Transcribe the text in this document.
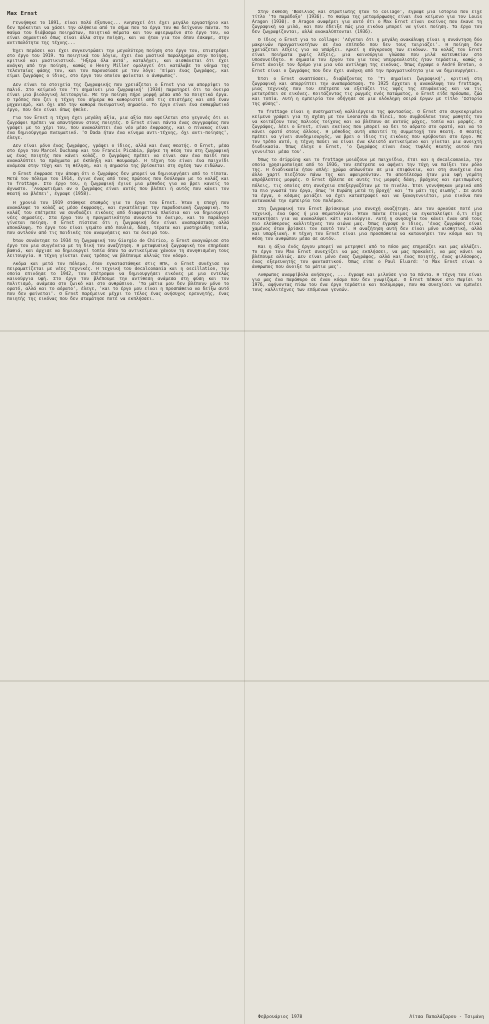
Max Ernst

Γεννήθηκε το 1891, είναι πολύ έξυπνος... Ανησυχεί ότι έχει μεγάλο εργαστήριο και δεν πρόκειται να χάσει την αλήθεια από το σήμα που τα έργα του θα δείχνουν πάντα. Το θαύμα του διάβασμα ποιημάτων, ποιητικά θέματα και τον αφιερωμένο στο έργο του, να είναι σημαντικό όπως είναι άλλα στην ποίηση, και να ήταν για τον όπου έσκαψε, στην αντιπαλότητα της τέχνης...

Έχει περάσει και έχει συγκεντρώσει την μεγαλύτερη ποίηση στο έργο του, επιστρέφει στο έργο του 1919. Τα ποιητικά του λόγια, έχει ένα μυστικό παραλήρημα στην ποίηση, κριτικό και μυστικιστικό. 'Ήξερα όλα αυτά', καταλήγει, και αισθάνεται ότι έχει ανάγκη από την ποίηση, καθώς ο Henry Miller ομολογεί ότι κατάλαβε το νόημα της τελευταίας φάσης του, και του παρουσίασε με τον λόγο: 'Είμαι ένας ζωγράφος, και είμαι ζωγράφος ο ίδιος, στο έργο του οποίου φαίνεται ο άνθρωπος'.

Δεν είναι τα στοιχεία της ζωγραφικής που χρειάζεται ο Ernst για να απορρίψει το παλιό. Στο κείμενό του 'Τι σημαίνει μια ζωγραφική' (1934) παρατηρεί ότι τα όνειρα είναι μια βιολογική λειτουργία. Με την ποίηση πήρε μορφή μέσα από τα ποιητικά έργα. Ο τρόπος που ζει η τέχνη του σήμερα θα καθοριστεί από τις επιστήμες και από έναν μηχανισμό, και όχι από την καθαρά πνευματική σημασία. Το έργο είναι ένα εκθαμβωτικό έργο, που δεν είναι όπως ήθελε.

Για τον Ernst η τέχνη έχει μεγάλη αξία, μια αξία που οφείλεται στο γεγονός ότι οι ζωγράφοι πρέπει να απαντήσουν στους ποιητές. Ο Ernst είναι πάντα ένας συγγραφέας που γράφει με το χέρι του, που ανακαλύπτει ένα νέο μέσο έκφρασης, και ο πίνακας είναι ένα δημιούργημα πνευματικό. 'Ο Dada ήταν ένα κίνημα αντι-τέχνης, όχι αντι-ποίησης', έλεγε.

Δεν είναι μόνο ένας ζωγράφος, γράφει ο ίδιος, αλλά και ένας θεατής. Ο Ernst, μέσα στο έργο του Marcel Duchamp και του Francis Picabia, βρήκε τη θέση του στη ζωγραφική ως ένας ποιητής που κάνει κολάζ. Ο ζωγράφος πρέπει να είναι σαν ένα παιδί που ανακαλύπτει τα πράγματα με έκπληξη και θαυμασμό. Η τέχνη του είναι ένα παιχνίδι ανάμεσα στην τύχη και τη θέληση, και η σημασία της βρίσκεται στη σχέση των ειδώλων.

Ο Ernst έκφρασε την άποψη ότι ο ζωγράφος δεν μπορεί να δημιουργήσει από το τίποτα. Μετά τον πόλεμο του 1914, έγινε ένας από τους πρώτους που δούλεψαν με το κολάζ και το frottage. Στο έργο του, η ζωγραφική έγινε μια μέθοδος για να βρει κανείς το άγνωστο. 'Αναρωτιέμαι αν ο ζωγράφος είναι αυτός που βλέπει ή αυτός που κάνει τον θεατή να βλέπει', έγραψε (1958).

Η χρονιά του 1919 στάθηκε σταθμός για το έργο του Ernst. Ήταν η εποχή που ανακάλυψε το κολάζ ως μέσο έκφρασης, και εγκατέλειψε την παραδοσιακή ζωγραφική. Το κολάζ του επέτρεπε να συνδυάζει εικόνες από διαφορετικά πλαίσια και να δημιουργεί νέες σημασίες. Στα έργα του η πραγματικότητα συναντά το όνειρο, και το παράλογο γίνεται ποίηση. Ο Ernst πίστευε ότι η ζωγραφική δεν είναι αναπαράσταση αλλά αποκάλυψη. Το έργο του είναι γεμάτο από πουλιά, δάση, τέρατα και μυστηριώδη τοπία, που αντλούν από τις παιδικές του αναμνήσεις και τα όνειρά του.

Όταν συνάντησε το 1934 τη ζωγραφική του Giorgio de Chirico, ο Ernst αναγνώρισε στο έργο του μια συγγένεια με τη δική του αναζήτηση. Η μεταφυσική ζωγραφική τον επηρέασε βαθιά, και άρχισε να δημιουργεί τοπία όπου τα αντικείμενα χάνουν τη συνηθισμένη τους λειτουργία. Η τέχνη γίνεται ένας τρόπος να βλέπουμε αλλιώς τον κόσμο.

Ακόμα και μετά τον πόλεμο, όταν εγκαταστάθηκε στις ΗΠΑ, ο Ernst συνέχισε να πειραματίζεται με νέες τεχνικές. Η τεχνική του decalcomania και η oscillation, την οποία επινόησε το 1942, του επέτρεψαν να δημιουργήσει εικόνες με μια εντελώς καινούργια υφή. Στο έργο του βλέπουμε την αντίθεση ανάμεσα στη φύση και τον πολιτισμό, ανάμεσα στο ζωικό και στο ανθρώπινο. 'Τα μάτια μου δεν βλέπουν μόνο το ορατό, αλλά και το αόρατο', έλεγε, 'και το έργο μου είναι η προσπάθεια να δείξω αυτό που δεν φαίνεται'. Ο Ernst παρέμεινε μέχρι το τέλος ένας ανήσυχος ερευνητής, ένας ποιητής της εικόνας που δεν σταμάτησε ποτέ να εκπλήσσει.

Στην έκθεση 'Βασιλιάς και στρατιώτης ήταν το collage', έγραψε μια ιστορία που είχε τίτλο 'Το παράδοξο' (1936). Το θαύμα της μεταμόρφωσης είναι ένα κείμενο για τον Louis Aragon (1930). Ο Aragon αναφέρει για αυτό ότι ο Max Ernst είναι εκείνος που έκανε τη ζωγραφική να μιλά, και που έδειξε πώς μια εικόνα μπορεί να γίνει ποίηση. Τα έργα του δεν ζωγραφίζονται, αλλά ανακαλύπτονται (1936).

Ο ίδιος ο Ernst για το collage: 'Λέγεται ότι η μεγάλη ανακάλυψη είναι η συνάντηση δύο μακρινών πραγματικοτήτων σε ένα επίπεδο που δεν τους ταιριάζει'. Η ποίηση δεν χρειάζεται λέξεις για να υπάρξει. Αρκεί η σύγκρουση των εικόνων. Τα κολάζ του Ernst είναι ποιήματα χωρίς λέξεις, μια καινούργια γλώσσα που μιλά κατευθείαν στο υποσυνείδητο. Η σημασία του έργου του για τους υπερρεαλιστές ήταν τεράστια, καθώς ο Ernst άνοιξε τον δρόμο για μια νέα αντίληψη της εικόνας. Όπως έγραψε ο André Breton, ο Ernst είναι ο ζωγράφος που δεν έχει ανάγκη από την πραγματικότητα για να δημιουργήσει.

Έτσι ο Ernst αναπτύσσει, διαβάζοντας το 'Τι σημαίνει ζωγραφική', κριτική στη ζωγραφική και απορρίπτει την αναπαράσταση. Το 1925 έρχεται η ανακάλυψη του frottage, μιας τεχνικής που του επέτρεπε να εξετάζει τις υφές της επιφάνειας και να τις μετατρέπει σε εικόνες. Κοιτάζοντας τις ρωγμές ενός πατώματος, ο Ernst είδε πρόσωπα, ζώα και τοπία. Αυτή η εμπειρία τον οδήγησε σε μια ολόκληρη σειρά έργων με τίτλο 'Ιστορία της φύσης'.

Το frottage είναι η συστηματική καλλιέργεια της φαντασίας. Ο Ernst στο συγκεκριμένο κείμενο γράφει για τη σχέση με τον Leonardo da Vinci, που συμβούλευε τους μαθητές του να κοιτάζουν τους παλιούς τοίχους και να βλέπουν σε αυτούς μάχες, τοπία και μορφές. Ο ζωγράφος, λέει ο Ernst, είναι εκείνος που μπορεί να δει το αόρατο στο ορατό, και να το κάνει ορατό στους άλλους. Η μέθοδος αυτή απαιτεί τη συμμετοχή του θεατή. Ο θεατής πρέπει να γίνει συνδημιουργός, να βρει ο ίδιος τις εικόνες που κρύβονται στο έργο. Με τον τρόπο αυτό, η τέχνη παύει να είναι ένα κλειστό αντικείμενο και γίνεται μια ανοιχτή διαδικασία. Όπως έλεγε ο Ernst, 'ο ζωγράφος είναι ένας τυφλός θεατής αυτού που γεννιέται μέσα του'.

Όπως το dripping και το frottage μοιάζουν με παιχνίδια, έτσι και η decalcomania, την οποία χρησιμοποίησε από το 1936, του επέτρεπε να αφήνει την τύχη να παίξει τον ρόλο της. Η διαδικασία ήταν απλή: χρώμα απλωνόταν σε μια επιφάνεια, και στη συνέχεια ένα άλλο χαρτί πιεζόταν πάνω της και αφαιρούνταν. Το αποτέλεσμα ήταν μια υφή γεμάτη απρόβλεπτες μορφές. Ο Ernst έβλεπε σε αυτές τις μορφές δάση, βράχους και ερειπωμένες πόλεις, τις οποίες στη συνέχεια επεξεργαζόταν με το πινέλο. Έτσι γεννήθηκαν μερικά από τα πιο γνωστά του έργα, όπως 'Η Ευρώπη μετά τη βροχή' και 'Το μάτι της σιωπής'. Σε αυτά τα έργα, ο κόσμος μοιάζει να έχει καταστραφεί και να ξαναγεννιέται, μια εικόνα που αντανακλά την εμπειρία του πολέμου.

Στη ζωγραφική του Ernst βρίσκουμε μια συνεχή αναζήτηση. Δεν του αρκούσε ποτέ μια τεχνική, ένα ύφος ή μια θεματολογία. Ήταν πάντα έτοιμος να εγκαταλείψει ό,τι είχε κατακτήσει για να ανακαλύψει κάτι καινούργιο. Αυτή η ανησυχία τον κάνει έναν από τους πιο ελεύθερους καλλιτέχνες του αιώνα μας. Όπως έγραψε ο ίδιος, 'ένας ζωγράφος είναι χαμένος όταν βρίσκει τον εαυτό του'. Η αναζήτηση αυτή δεν είναι μόνο αισθητική, αλλά και υπαρξιακή. Η τέχνη του Ernst είναι μια προσπάθεια να κατανοήσει τον κόσμο και τη θέση του ανθρώπου μέσα σε αυτόν.

Και η άξια ένός έργου μπορεί να μετρηθεί από το πόσο μας επηρεάζει και μας αλλάζει. Το έργο του Max Ernst συνεχίζει να μας εκπλήσσει, να μας προκαλεί, να μας κάνει να βλέπουμε αλλιώς. Δεν είναι μόνο ένας ζωγράφος, αλλά και ένας ποιητής, ένας φιλόσοφος, ένας εξερευνητής του φανταστικού. Όπως είπε ο Paul Eluard: 'Ο Max Ernst είναι ο άνθρωπος που άνοιξε τα μάτια μας'.

Ανθρωπος αναμφίβολα ανήσυχος, ... έγραψε και μιλούσε για τα πάντα. Η τέχνη του είναι για μας ένα παράθυρο σε έναν κόσμο που δεν γνωρίζαμε. Ο Ernst πέθανε στο Παρίσι το 1976, αφήνοντας πίσω του ένα έργο τεράστιο και πολύμορφο, που θα συνεχίσει να εμπνέει τους καλλιτέχνες των επόμενων γενεών.

Φεβρουάριος 1978	Λίτσα Παπαλάζαρου - Τσιμάνη
